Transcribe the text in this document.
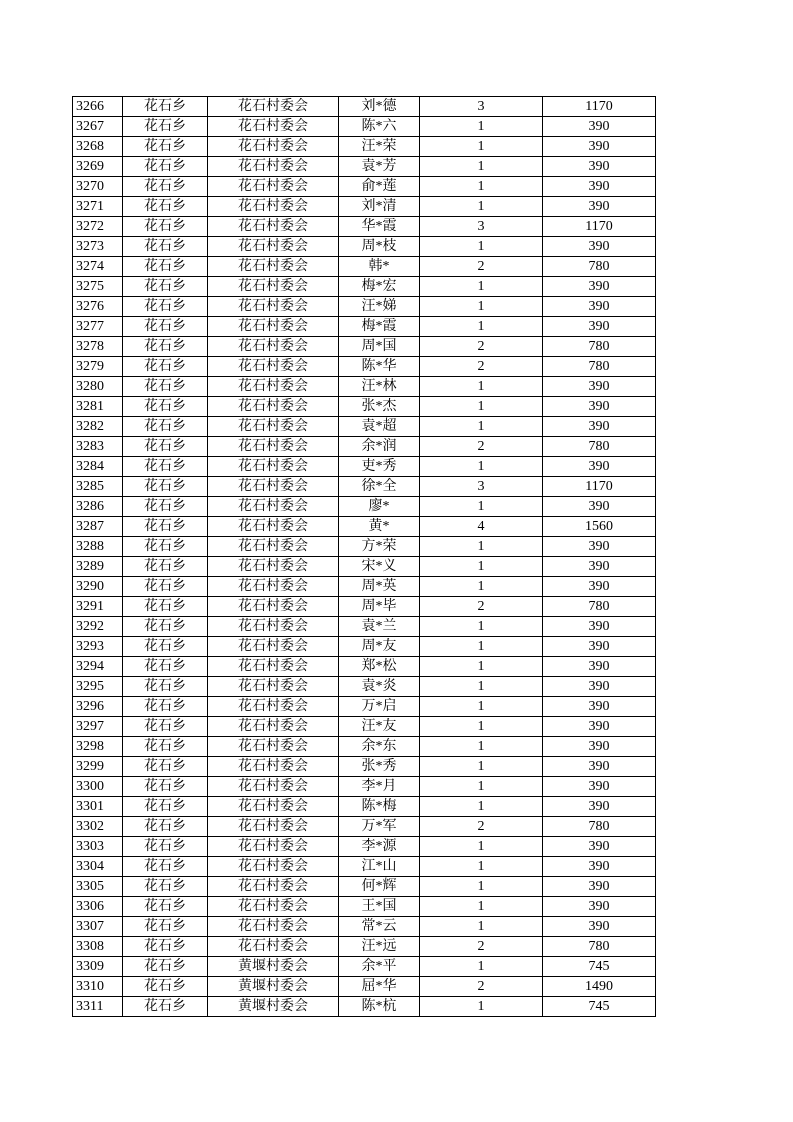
3266	花石乡	花石村委会	刘*德	3	1170
3267	花石乡	花石村委会	陈*六	1	390
3268	花石乡	花石村委会	汪*荣	1	390
3269	花石乡	花石村委会	袁*芳	1	390
3270	花石乡	花石村委会	俞*莲	1	390
3271	花石乡	花石村委会	刘*清	1	390
3272	花石乡	花石村委会	华*霞	3	1170
3273	花石乡	花石村委会	周*枝	1	390
3274	花石乡	花石村委会	韩*	2	780
3275	花石乡	花石村委会	梅*宏	1	390
3276	花石乡	花石村委会	汪*娣	1	390
3277	花石乡	花石村委会	梅*霞	1	390
3278	花石乡	花石村委会	周*国	2	780
3279	花石乡	花石村委会	陈*华	2	780
3280	花石乡	花石村委会	汪*林	1	390
3281	花石乡	花石村委会	张*杰	1	390
3282	花石乡	花石村委会	袁*超	1	390
3283	花石乡	花石村委会	余*润	2	780
3284	花石乡	花石村委会	吏*秀	1	390
3285	花石乡	花石村委会	徐*全	3	1170
3286	花石乡	花石村委会	廖*	1	390
3287	花石乡	花石村委会	黄*	4	1560
3288	花石乡	花石村委会	方*荣	1	390
3289	花石乡	花石村委会	宋*义	1	390
3290	花石乡	花石村委会	周*英	1	390
3291	花石乡	花石村委会	周*毕	2	780
3292	花石乡	花石村委会	袁*兰	1	390
3293	花石乡	花石村委会	周*友	1	390
3294	花石乡	花石村委会	郑*松	1	390
3295	花石乡	花石村委会	袁*炎	1	390
3296	花石乡	花石村委会	万*启	1	390
3297	花石乡	花石村委会	汪*友	1	390
3298	花石乡	花石村委会	余*东	1	390
3299	花石乡	花石村委会	张*秀	1	390
3300	花石乡	花石村委会	李*月	1	390
3301	花石乡	花石村委会	陈*梅	1	390
3302	花石乡	花石村委会	万*军	2	780
3303	花石乡	花石村委会	李*源	1	390
3304	花石乡	花石村委会	江*山	1	390
3305	花石乡	花石村委会	何*辉	1	390
3306	花石乡	花石村委会	王*国	1	390
3307	花石乡	花石村委会	常*云	1	390
3308	花石乡	花石村委会	汪*远	2	780
3309	花石乡	黄堰村委会	余*平	1	745
3310	花石乡	黄堰村委会	屈*华	2	1490
3311	花石乡	黄堰村委会	陈*杭	1	745
